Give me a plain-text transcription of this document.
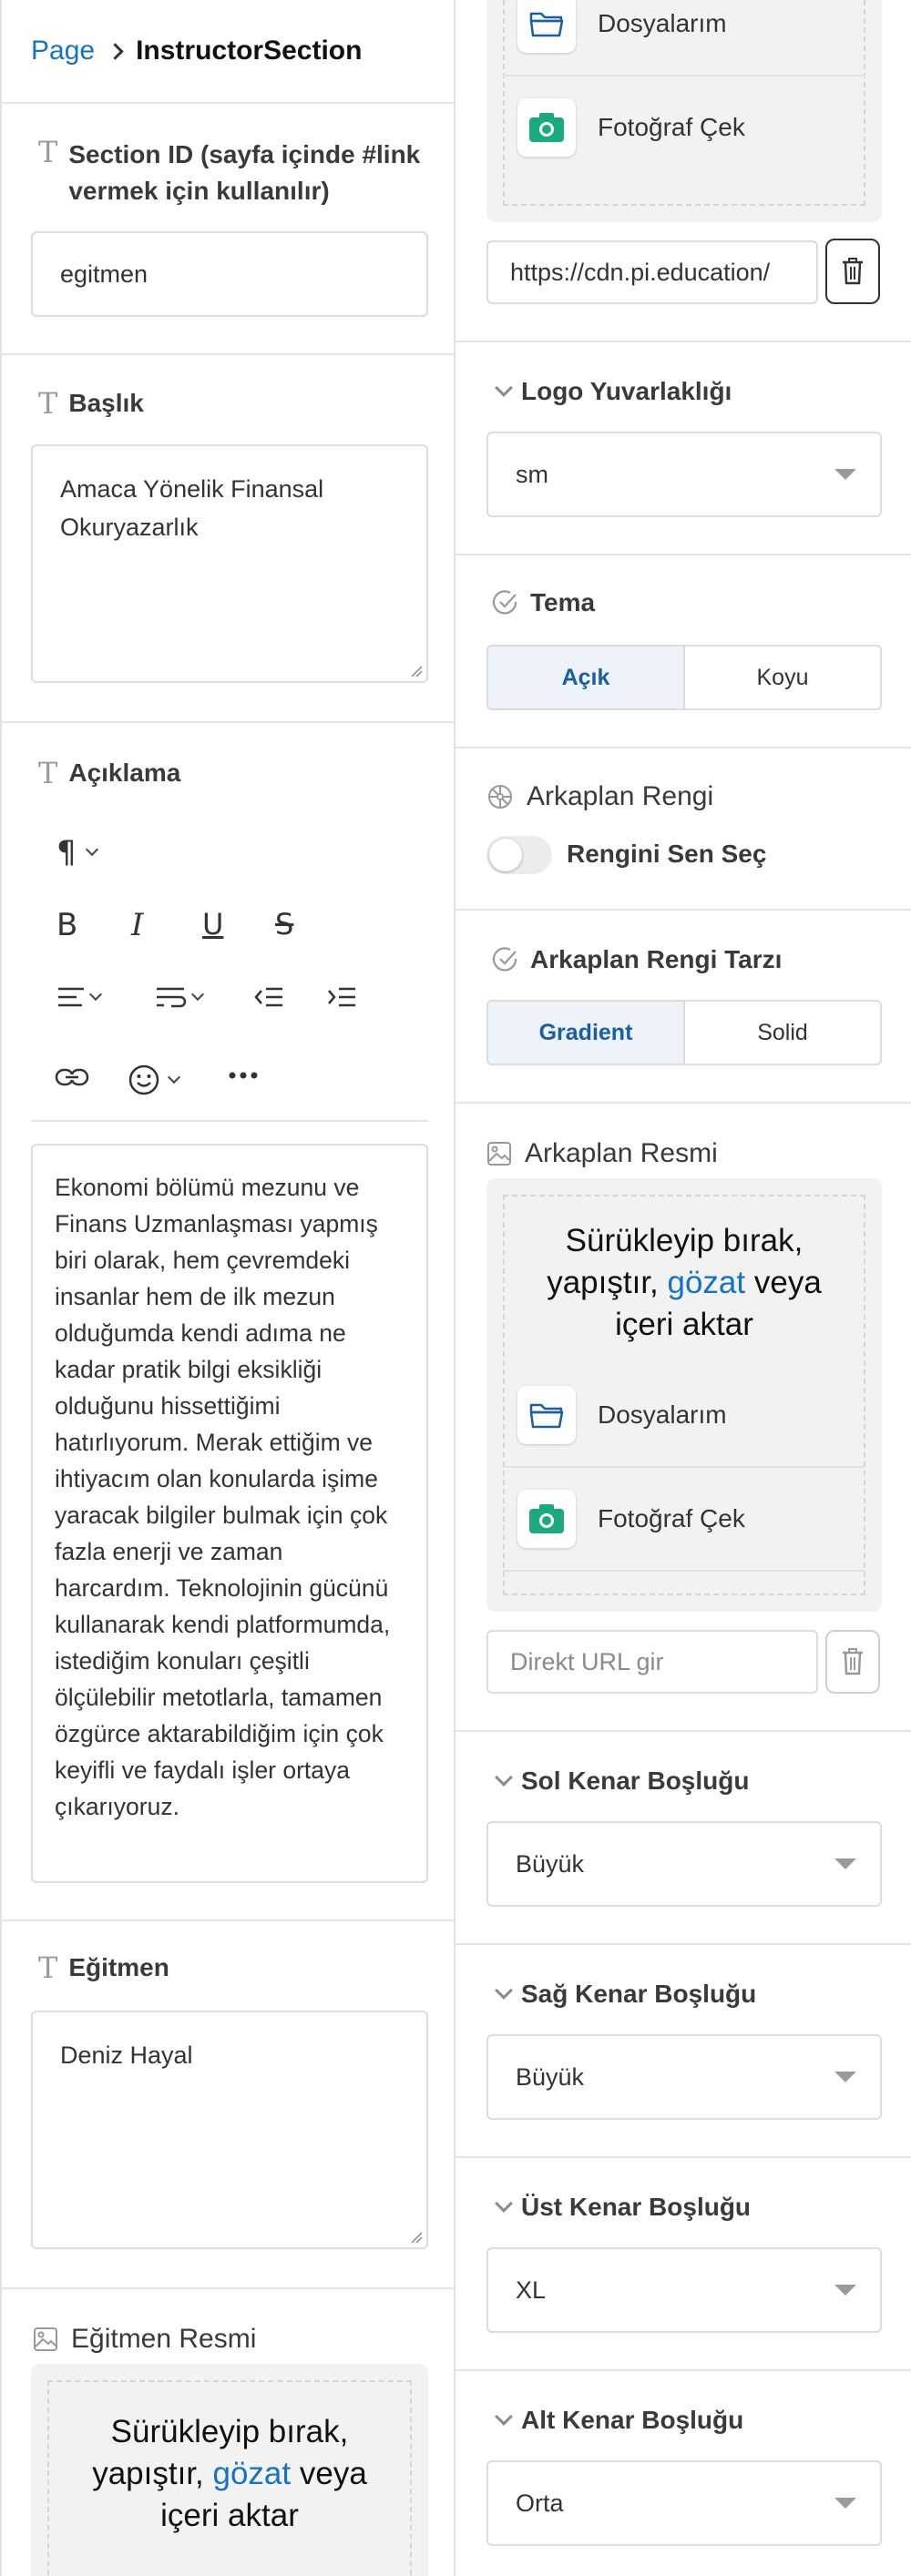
Page InstructorSection
T Section ID (sayfa içinde #link vermek için kullanılır)
egitmen
T Başlık
Amaca Yönelik Finansal Okuryazarlık
T Açıklama
¶
B I U S
Ekonomi bölümü mezunu ve Finans Uzmanlaşması yapmış biri olarak, hem çevremdeki insanlar hem de ilk mezun olduğumda kendi adıma ne kadar pratik bilgi eksikliği olduğunu hissettiğimi hatırlıyorum. Merak ettiğim ve ihtiyacım olan konularda işime yaracak bilgiler bulmak için çok fazla enerji ve zaman harcardım. Teknolojinin gücünü kullanarak kendi platformumda, istediğim konuları çeşitli ölçülebilir metotlarla, tamamen özgürce aktarabildiğim için çok keyifli ve faydalı işler ortaya çıkarıyoruz.
T Eğitmen
Deniz Hayal
Eğitmen Resmi
Sürükleyip bırak,
yapıştır, gözat veya
içeri aktar
Dosyalarım
Fotoğraf Çek
https://cdn.pi.education/
Logo Yuvarlaklığı
sm
Tema
Açık	Koyu
Arkaplan Rengi
Rengini Sen Seç
Arkaplan Rengi Tarzı
Gradient	Solid
Arkaplan Resmi
Sürükleyip bırak,
yapıştır, gözat veya
içeri aktar
Dosyalarım
Fotoğraf Çek
Direkt URL gir
Sol Kenar Boşluğu
Büyük
Sağ Kenar Boşluğu
Büyük
Üst Kenar Boşluğu
XL
Alt Kenar Boşluğu
Orta
